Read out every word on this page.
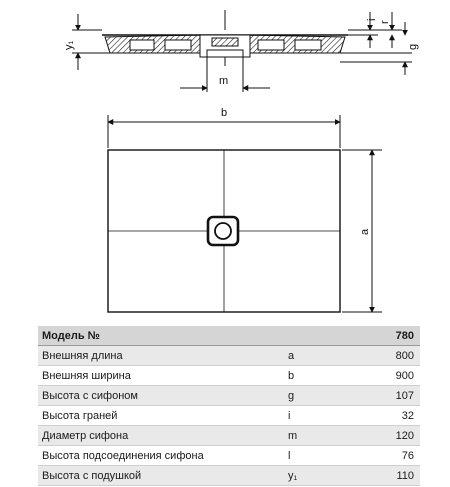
y₁
i
r
g
m
b
a
Модель №		780
Внешняя длина	a	800
Внешняя ширина	b	900
Высота с сифоном	g	107
Высота граней	i	32
Диаметр сифона	m	120
Высота подсоединения сифона	l	76
Высота с подушкой	y₁	110
